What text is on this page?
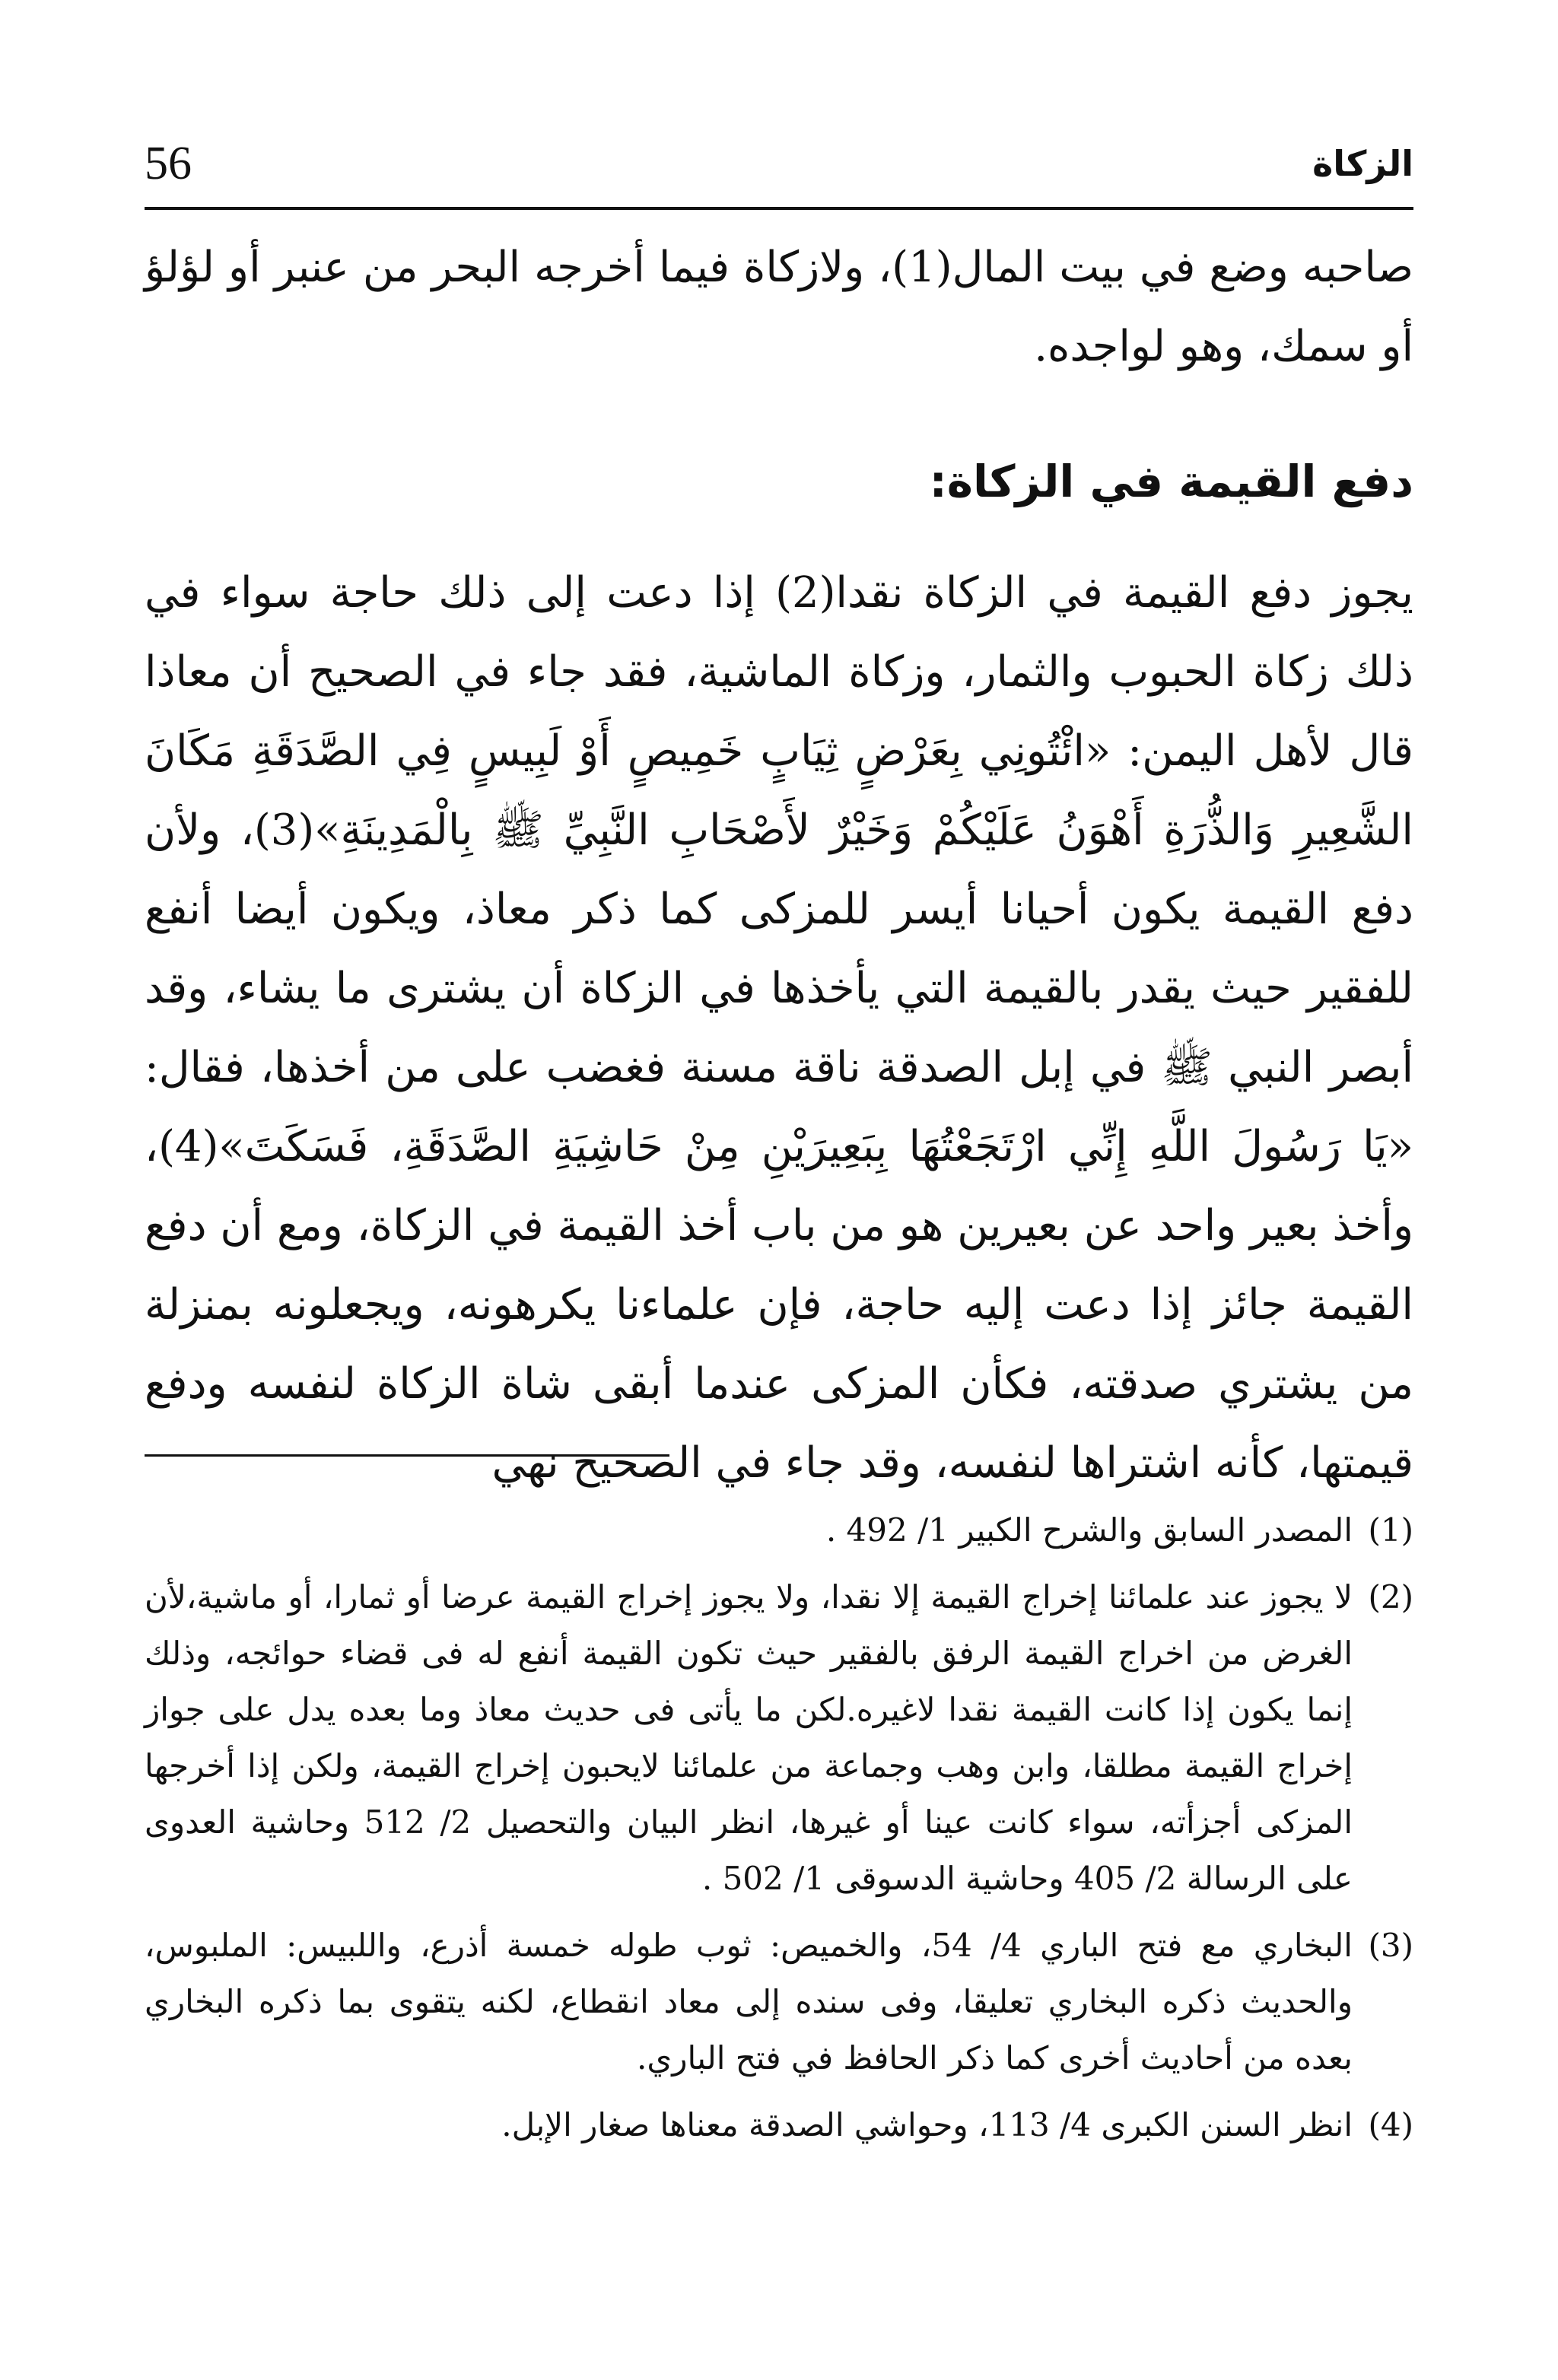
56	الزكاة

صاحبه وضع في بيت المال(1)، ولازكاة فيما أخرجه البحر من عنبر أو لؤلؤ أو سمك، وهو لواجده.

دفع القيمة في الزكاة:

يجوز دفع القيمة في الزكاة نقدا(2) إذا دعت إلى ذلك حاجة سواء في ذلك زكاة الحبوب والثمار، وزكاة الماشية، فقد جاء في الصحيح أن معاذا قال لأهل اليمن: «ائْتُونِي بِعَرْضٍ ثِيَابٍ خَمِيصٍ أَوْ لَبِيسٍ فِي الصَّدَقَةِ مَكَانَ الشَّعِيرِ وَالذُّرَةِ أَهْوَنُ عَلَيْكُمْ وَخَيْرٌ لأَصْحَابِ النَّبِيِّ ﷺ بِالْمَدِينَةِ»(3)، ولأن دفع القيمة يكون أحيانا أيسر للمزكى كما ذكر معاذ، ويكون أيضا أنفع للفقير حيث يقدر بالقيمة التي يأخذها في الزكاة أن يشترى ما يشاء، وقد أبصر النبي ﷺ في إبل الصدقة ناقة مسنة فغضب على من أخذها، فقال: «يَا رَسُولَ اللَّهِ إِنِّي ارْتَجَعْتُهَا بِبَعِيرَيْنِ مِنْ حَاشِيَةِ الصَّدَقَةِ، فَسَكَتَ»(4)، وأخذ بعير واحد عن بعيرين هو من باب أخذ القيمة في الزكاة، ومع أن دفع القيمة جائز إذا دعت إليه حاجة، فإن علماءنا يكرهونه، ويجعلونه بمنزلة من يشتري صدقته، فكأن المزكى عندما أبقى شاة الزكاة لنفسه ودفع قيمتها، كأنه اشتراها لنفسه، وقد جاء في الصحيح نهي

(1)

المصدر السابق والشرح الكبير 1/ 492 .

(2)

لا يجوز عند علمائنا إخراج القيمة إلا نقدا، ولا يجوز إخراج القيمة عرضا أو ثمارا، أو ماشية،لأن الغرض من اخراج القيمة الرفق بالفقير حيث تكون القيمة أنفع له فى قضاء حوائجه، وذلك إنما يكون إذا كانت القيمة نقدا لاغيره.لكن ما يأتى فى حديث معاذ وما بعده يدل على جواز إخراج القيمة مطلقا، وابن وهب وجماعة من علمائنا لايحبون إخراج القيمة، ولكن إذا أخرجها المزكى أجزأته، سواء كانت عينا أو غيرها، انظر البيان والتحصيل 2/ 512 وحاشية العدوى على الرسالة 2/ 405 وحاشية الدسوقى 1/ 502 .

(3)

البخاري مع فتح الباري 4/ 54، والخميص: ثوب طوله خمسة أذرع، واللبيس: الملبوس، والحديث ذكره البخاري تعليقا، وفى سنده إلى معاد انقطاع، لكنه يتقوى بما ذكره البخاري بعده من أحاديث أخرى كما ذكر الحافظ في فتح الباري.

(4)

انظر السنن الكبرى 4/ 113، وحواشي الصدقة معناها صغار الإبل.
